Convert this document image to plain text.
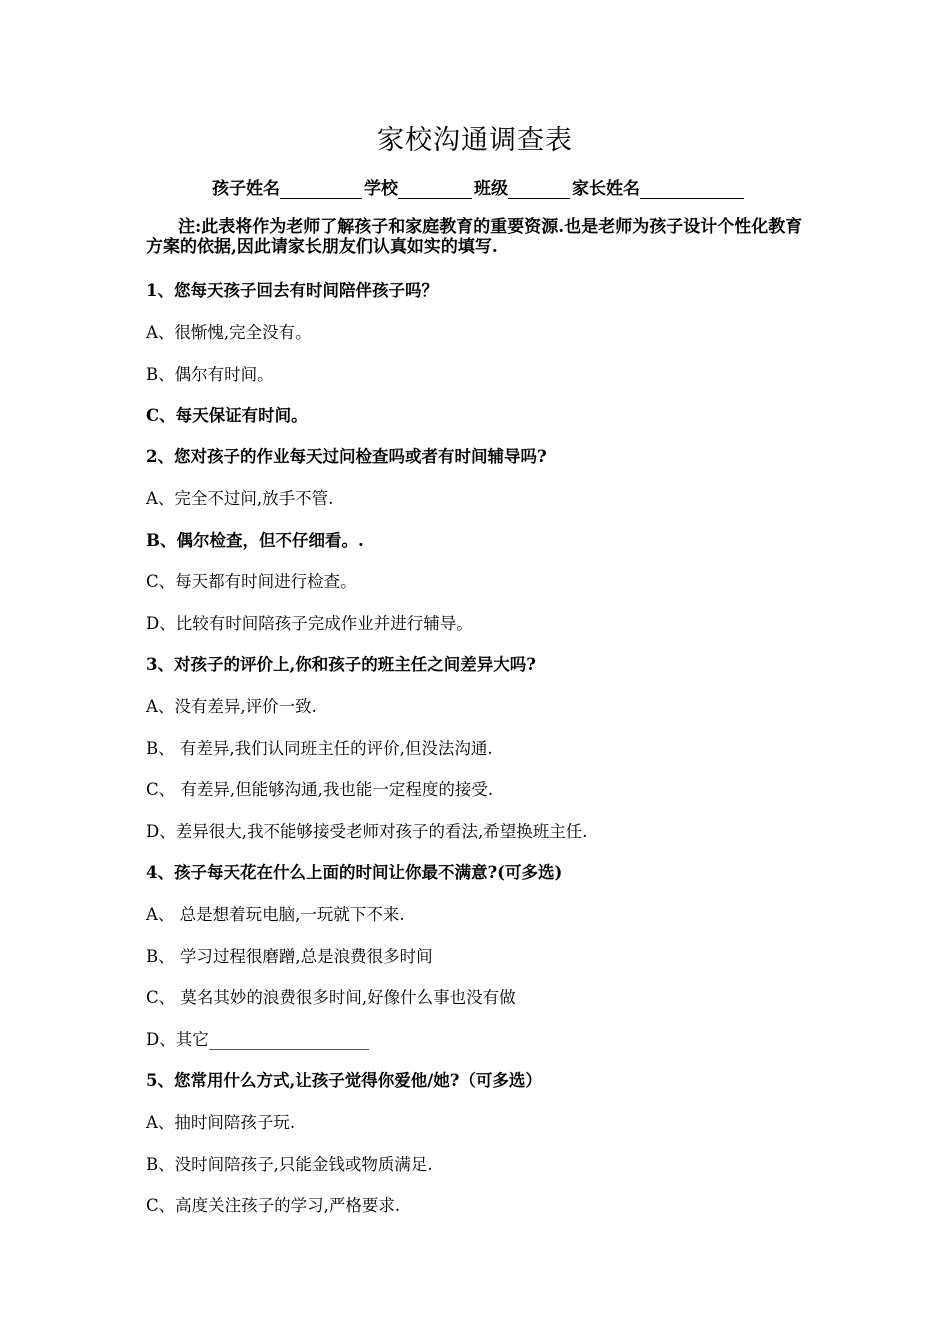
家校沟通调查表
孩子姓名	学校	班级	家长姓名
注:此表将作为老师了解孩子和家庭教育的重要资源.也是老师为孩子设计个性化教育方案的依据,因此请家长朋友们认真如实的填写.
1、您每天孩子回去有时间陪伴孩子吗？
A、很惭愧,完全没有。
B、偶尔有时间。
C、每天保证有时间。
2、您对孩子的作业每天过问检查吗或者有时间辅导吗?
A、完全不过问,放手不管.
B、偶尔检查，但不仔细看。.
C、每天都有时间进行检查。
D、比较有时间陪孩子完成作业并进行辅导。
3、对孩子的评价上,你和孩子的班主任之间差异大吗?
A、没有差异,评价一致.
B、 有差异,我们认同班主任的评价,但没法沟通.
C、 有差异,但能够沟通,我也能一定程度的接受.
D、差异很大,我不能够接受老师对孩子的看法,希望换班主任.
4、孩子每天花在什么上面的时间让你最不满意?(可多选)
A、 总是想着玩电脑,一玩就下不来.
B、 学习过程很磨蹭,总是浪费很多时间
C、 莫名其妙的浪费很多时间,好像什么事也没有做
D、其它
5、您常用什么方式,让孩子觉得你爱他/她?（可多选）
A、抽时间陪孩子玩.
B、没时间陪孩子,只能金钱或物质满足.
C、高度关注孩子的学习,严格要求.
